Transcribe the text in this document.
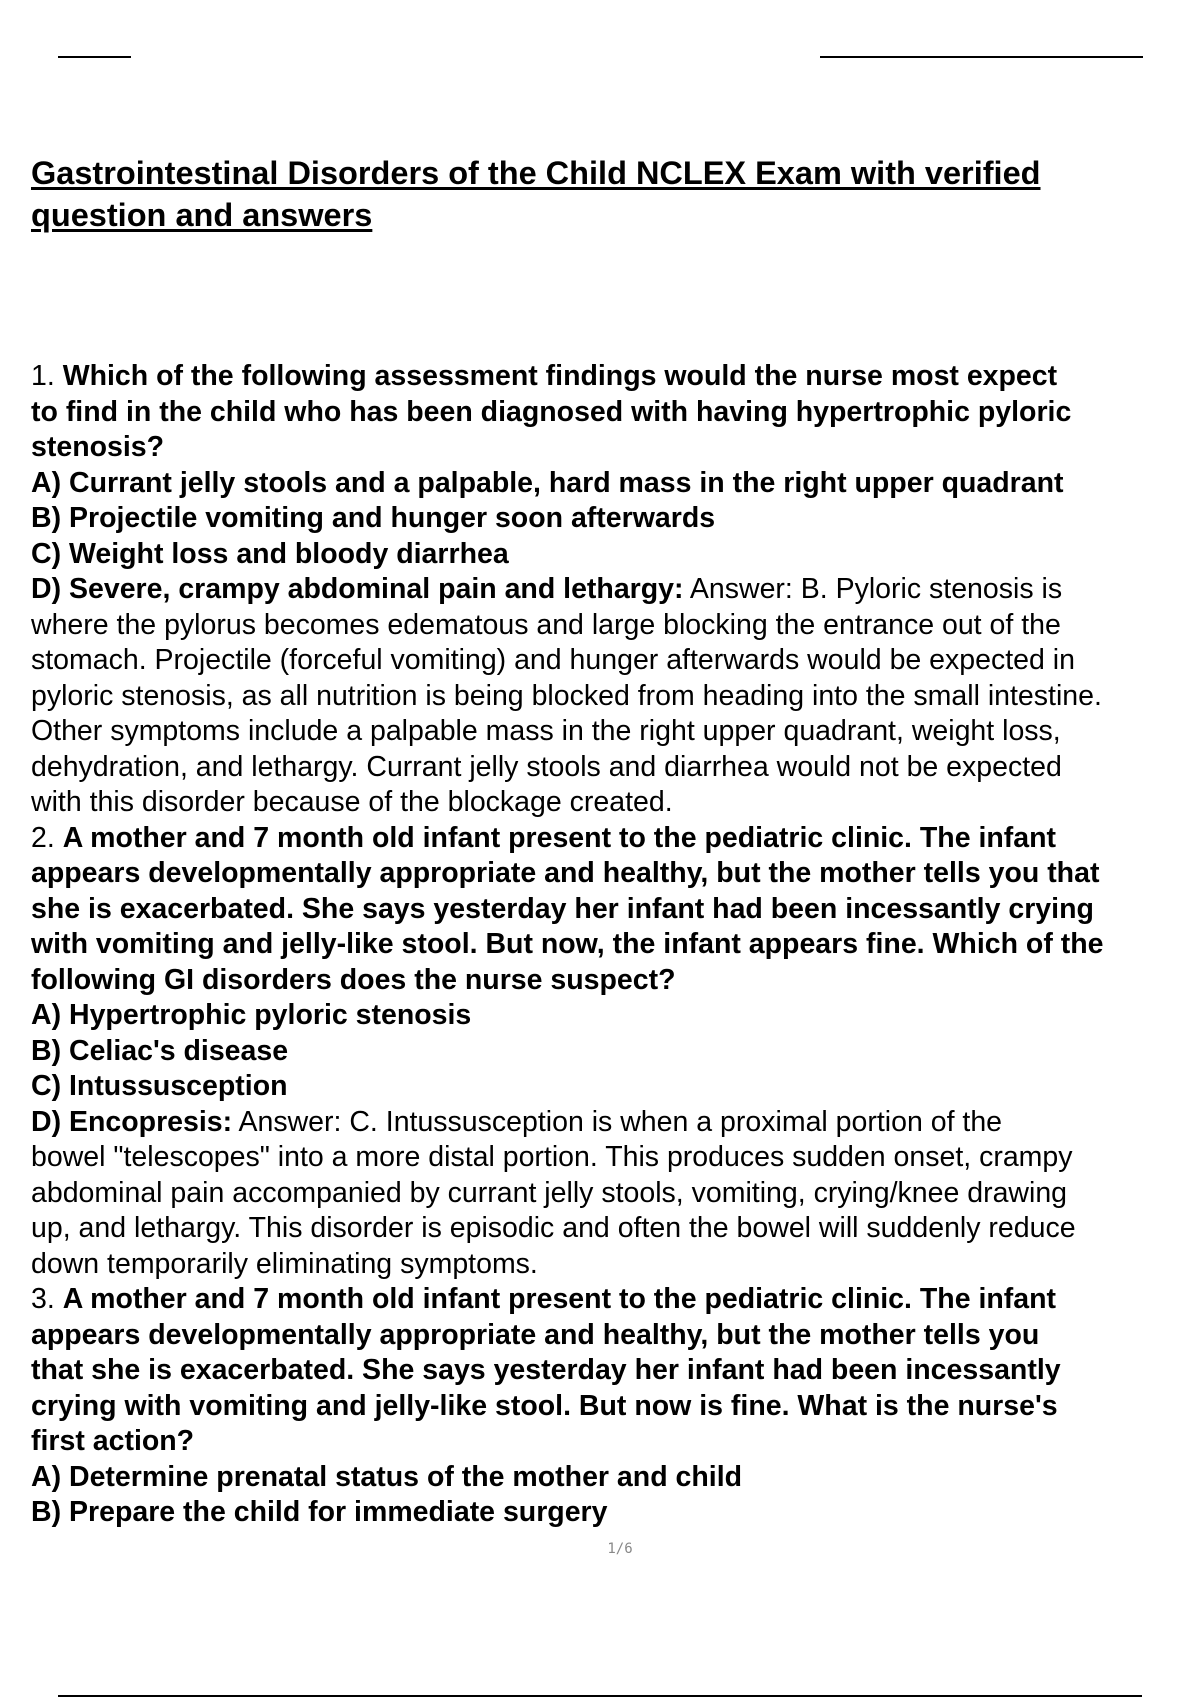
Gastrointestinal Disorders of the Child NCLEX Exam with verified
question and answers
1. Which of the following assessment findings would the nurse most expect
to find in the child who has been diagnosed with having hypertrophic pyloric
stenosis?
A) Currant jelly stools and a palpable, hard mass in the right upper quadrant
B) Projectile vomiting and hunger soon afterwards
C) Weight loss and bloody diarrhea
D) Severe, crampy abdominal pain and lethargy: Answer: B. Pyloric stenosis is
where the pylorus becomes edematous and large blocking the entrance out of the
stomach. Projectile (forceful vomiting) and hunger afterwards would be expected in
pyloric stenosis, as all nutrition is being blocked from heading into the small intestine.
Other symptoms include a palpable mass in the right upper quadrant, weight loss,
dehydration, and lethargy. Currant jelly stools and diarrhea would not be expected
with this disorder because of the blockage created.
2. A mother and 7 month old infant present to the pediatric clinic. The infant
appears developmentally appropriate and healthy, but the mother tells you that
she is exacerbated. She says yesterday her infant had been incessantly crying
with vomiting and jelly-like stool. But now, the infant appears fine. Which of the
following GI disorders does the nurse suspect?
A) Hypertrophic pyloric stenosis
B) Celiac's disease
C) Intussusception
D) Encopresis: Answer: C. Intussusception is when a proximal portion of the
bowel "telescopes" into a more distal portion. This produces sudden onset, crampy
abdominal pain accompanied by currant jelly stools, vomiting, crying/knee drawing
up, and lethargy. This disorder is episodic and often the bowel will suddenly reduce
down temporarily eliminating symptoms.
3. A mother and 7 month old infant present to the pediatric clinic. The infant
appears developmentally appropriate and healthy, but the mother tells you
that she is exacerbated. She says yesterday her infant had been incessantly
crying with vomiting and jelly-like stool. But now is fine. What is the nurse's
first action?
A) Determine prenatal status of the mother and child
B) Prepare the child for immediate surgery
1/6
